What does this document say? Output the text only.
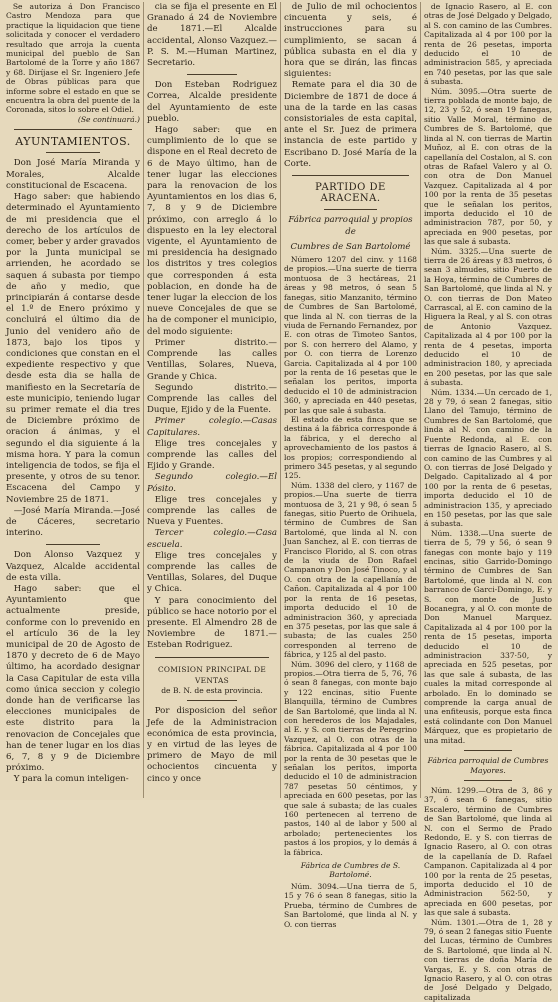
Se autoriza á Don Francisco Castro Mendoza para que practique la liquidacion que tiene solicitada y conocer el verdadero resultado que arroja la cuenta municipal del pueblo de San Bartolomé de la Torre y año 1867 y 68. Diríjase el Sr. Ingeniero Jefe de Obras públicas para que informe sobre el estado en que se encuentra la obra del puente de la Coronada, sitos lo sobre el Odiel.

(Se continuará.)

AYUNTAMIENTOS.

Don José María Miranda y Morales, Alcalde constitucional de Escacena.

Hago saber: que habiendo determinado el Ayuntamiento de mi presidencia que el derecho de los artículos de comer, beber y arder gravados por la Junta municipal se arrienden, he acordado se saquen á subasta por tiempo de año y medio, que principiarán á contarse desde el 1.º de Enero próximo y concluirá el último dia de Junio del venidero año de 1873, bajo los tipos y condiciones que constan en el expediente respectivo y que desde esta dia se halla de manifiesto en la Secretaría de este municipio, teniendo lugar su primer remate el dia tres de Diciembre próximo de oracion á ánimas, y el segundo el dia siguiente á la misma hora. Y para la comun inteligencia de todos, se fija el presente, y otros de su tenor. Escacena del Campo y Noviembre 25 de 1871.

—José María Miranda.—José de Cáceres, secretario interino.

Don Alonso Vazquez y Vazquez, Alcalde accidental de esta villa.

Hago saber: que el Ayuntamiento que actualmente preside, conforme con lo prevenido en el artículo 36 de la ley municipal de 20 de Agosto de 1870 y decreto de 6 de Mayo último, ha acordado designar la Casa Capitular de esta villa como única seccion y colegio donde han de verificarse las elecciones municipales de este distrito para la renovacion de Concejales que han de tener lugar en los dias 6, 7, 8 y 9 de Diciembre próximo.

Y para la comun inteligen-

cia se fija el presente en El Granado á 24 de Noviembre de 1871.—El Alcalde accidental, Alonso Vazquez.—P. S. M.—Human Martinez, Secretario.

Don Esteban Rodriguez Correa, Alcalde presidente del Ayuntamiento de este pueblo.

Hago saber: que en cumplimiento de lo que se dispone en el Real decreto de 6 de Mayo último, han de tener lugar las elecciones para la renovacion de los Ayuntamientos en los dias 6, 7, 8 y 9 de Diciembre próximo, con arreglo á lo dispuesto en la ley electoral vigente, el Ayuntamiento de mi presidencia ha designado los distritos y tres colegios que corresponden á esta poblacion, en donde ha de tener lugar la eleccion de los nueve Concejales de que se ha de componer el municipio, del modo siguiente:

Primer distrito.—Comprende las calles Ventillas, Solares, Nueva, Grande y Chica.

Segundo distrito.—Comprende las calles del Duque, Ejido y de la Fuente.

Primer colegio.—Casas Capitulares.

Elige tres concejales y comprende las calles del Ejido y Grande.

Segundo colegio.—El Pósito.

Elige tres concejales y comprende las calles de Nueva y Fuentes.

Tercer colegio.—Casa escuela.

Elige tres concejales y comprende las calles de Ventillas, Solares, del Duque y Chica.

Y para conocimiento del público se hace notorio por el presente. El Almendro 28 de Noviembre de 1871.—Esteban Rodriguez.

COMISION PRINCIPAL DE VENTAS

de B. N. de esta provincia.

Por disposicion del señor Jefe de la Administracion económica de esta provincia, y en virtud de las leyes de primero de Mayo de mil ochocientos cincuenta y cinco y once

de Julio de mil ochocientos cincuenta y seis, é instrucciones para su cumplimiento, se sacan á pública subasta en el dia y hora que se dirán, las fincas siguientes:

Remate para el dia 30 de Diciembre de 1871 de doce á una de la tarde en las casas consistoriales de esta capital, ante el Sr. Juez de primera instancia de este partido y Escribano D. José María de la Corte.

PARTIDO DE ARACENA.

Fábrica parroquial y propios de

Cumbres de San Bartolomé

Número 1207 del cinv. y 1168 de propios.—Una suerte de tierra montuosa de 3 hectáreas, 21 áreas y 98 metros, ó sean 5 fanegas, sitio Manzanito, término de Cumbres de San Bartolomé, que linda al N. con tierras de la viuda de Fernando Fernandez, por E. con otras de Timoteo Santos, por S. con herrero del Alamo, y por O. con tierra de Lorenzo Garcia. Capitalizada al 4 por 100 por la renta de 16 pesetas que le señalan los peritos, importa deducido el 10 de administracion 360, y apreciada en 440 pesetas, por las que sale á subasta.

El estado de esta finca que se destina á la fábrica corresponde á la fábrica, y el derecho al aprovechamiento de los pastos á los propios; correspondiendo al primero 345 pesetas, y al segundo 125.

Núm. 1338 del clero, y 1167 de propios.—Una suerte de tierra montuosa de 3, 21 y 98, ó sean 5 fanegas, sitio Puerto de Orihuela, término de Cumbres de San Bartolomé, que linda al N. con Juan Sanchez, al E. con tierras de Francisco Florido, al S. con otras de la viuda de Don Rafael Campanon y Don José Tinoco, y al O. con otra de la capellanía de Cañon. Capitalizada al 4 por 100 por la renta de 16 pesetas, importa deducido el 10 de administracion 360, y apreciada en 375 pesetas, por las que sale á subasta; de las cuales 250 corresponden al terreno de fábrica, y 125 al del pasto.

Núm. 3096 del clero, y 1168 de propios.—Otra tierra de 5, 76, 76 ó sean 8 fanegas, con monte bajo y 122 encinas, sitio Fuente Blanquilla, término de Cumbres de San Bartolomé, que linda al N. con herederos de los Majadales, al E. y S. con tierras de Peregrino Vazquez, al O. con otras de la fábrica. Capitalizada al 4 por 100 por la renta de 30 pesetas que le señalan los peritos, importa deducido el 10 de administracion 787 pesetas 50 céntimos, y apreciada en 600 pesetas, por las que sale á subasta; de las cuales 160 pertenecen al terreno de pastos, 140 al de labor y 500 al arbolado; pertenecientes los pastos á los propios, y lo demás á la fábrica.

Fábrica de Cumbres de S. Bartolomé.

Núm. 3094.—Una tierra de 5, 15 y 76 ó sean 8 fanegas, sitio la Prueba, término de Cumbres de San Bartolomé, que linda al N. y O. con tierras

de Ignacio Rasero, al E. con otras de José Delgado y Delgado, al S. con camino de las Cumbres. Capitalizada al 4 por 100 por la renta de 26 pesetas, importa deducido el 10 de administracion 585, y apreciada en 740 pesetas, por las que sale á subasta.

Núm. 3095.—Otra suerte de tierra poblada de monte bajo, de 12, 23 y 52, ó sean 19 fanegas, sitio Valle Moral, término de Cumbres de S. Bartolomé, que linda al N. con tierras de Martin Muñoz, al E. con otras de la capellanía del Costalon, al S. con otras de Rafael Valero y al O. con otra de Don Manuel Vazquez. Capitalizada al 4 por 100 por la renta de 35 pesetas que le señalan los peritos, importa deducido el 10 de administracion 787, por 50, y apreciada en 900 pesetas, por las que sale á subasta.

Núm. 3325.—Una suerte de tierra de 26 áreas y 83 metros, ó sean 3 almudes, sitio Puerto de la Hoya, término de Cumbres de San Bartolomé, que linda al N. y O. con tierras de Don Mateo Carrascal, al E. con camino de la Higuera la Real, y al S. con otras de Antonio Vazquez. Capitalizada al 4 por 100 por la renta de 4 pesetas, importa deducido el 10 de administracion 180, y apreciada en 200 pesetas, por las que sale á subasta.

Núm. 1334.—Un cercado de 1, 28 y 79, ó sean 2 fanegas, sitio Llano del Tamujo, término de Cumbres de San Bartolomé, que linda al N. con camino de la Fuente Redonda, al E. con tierras de Ignacio Rasero, al S. con camino de las Cumbres y al O. con tierras de José Delgado y Delgado. Capitalizado al 4 por 100 por la renta de 6 pesetas, importa deducido el 10 de administracion 135, y apreciado en 150 pesetas, por las que sale á subasta.

Núm. 1338.—Una suerte de tierra de 5, 79 y 56, ó sean 9 fanegas con monte bajo y 119 encinas, sitio Garrido-Domingo término de Cumbres de San Bartolomé, que linda al N. con barranco de Garci-Domingo, E. y S. con monte de Justo Bocanegra, y al O. con monte de Don Manuel Marquez. Capitalizada al 4 por 100 por la renta de 15 pesetas, importa deducido el 10 de administracion 337·50, y apreciada en 525 pesetas, por las que sale á subasta, de las cuales la mitad corresponde al arbolado. En lo dominado se comprende la carga anual de una enfiteusis, porque esta finca está colindante con Don Manuel Márquez, que es propietario de una mitad.

Fábrica parroquial de Cumbres Mayores.

Núm. 1299.—Otra de 3, 86 y 37, ó sean 6 fanegas, sitio Escalero, término de Cumbres de San Bartolomé, que linda al N. con el Sermo de Prado Redondo, E. y S. con tierras de Ignacio Rasero, al O. con otras de la capellanía de D. Rafael Campanon. Capitalizada al 4 por 100 por la renta de 25 pesetas, importa deducido el 10 de Administracion 562·50, y apreciada en 600 pesetas, por las que sale á subasta.

Núm. 1301.—Otra de 1, 28 y 79, ó sean 2 fanegas sitio Fuente del Lucas, término de Cumbres de S. Bartolomé, que linda al N. con tierras de doña María de Vargas, E. y S. con otras de Ignacio Rasero, y al O. con otras de José Delgado y Delgado, capitalizada
